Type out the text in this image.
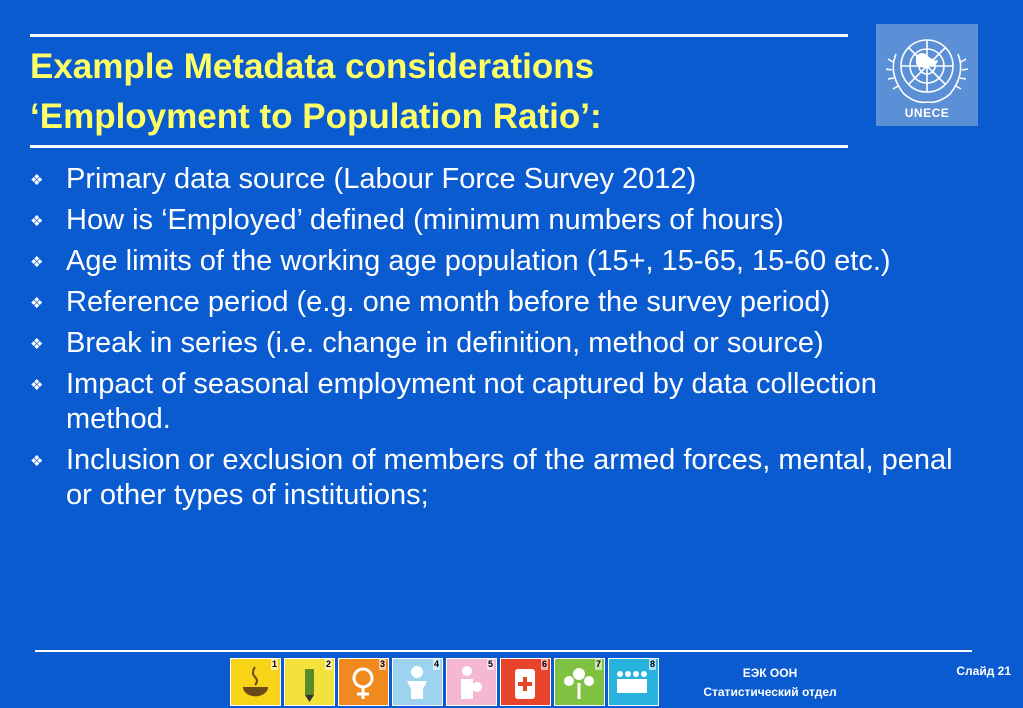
Example Metadata considerations
‘Employment to Population Ratio’:	UNECE
❖ Primary data source (Labour Force Survey 2012)
❖ How is ‘Employed’ defined (minimum numbers of hours)
❖ Age limits of the working age population (15+, 15-65, 15-60 etc.)
❖ Reference period (e.g. one month before the survey period)
❖ Break in series (i.e. change in definition, method or source)
❖ Impact of seasonal employment not captured by data collection method.
❖ Inclusion or exclusion of members of the armed forces, mental, penal or other types of institutions;
1	2	3	4	5	6	7	8
ЕЭК ООН
Статистический отдел
Слайд 21
